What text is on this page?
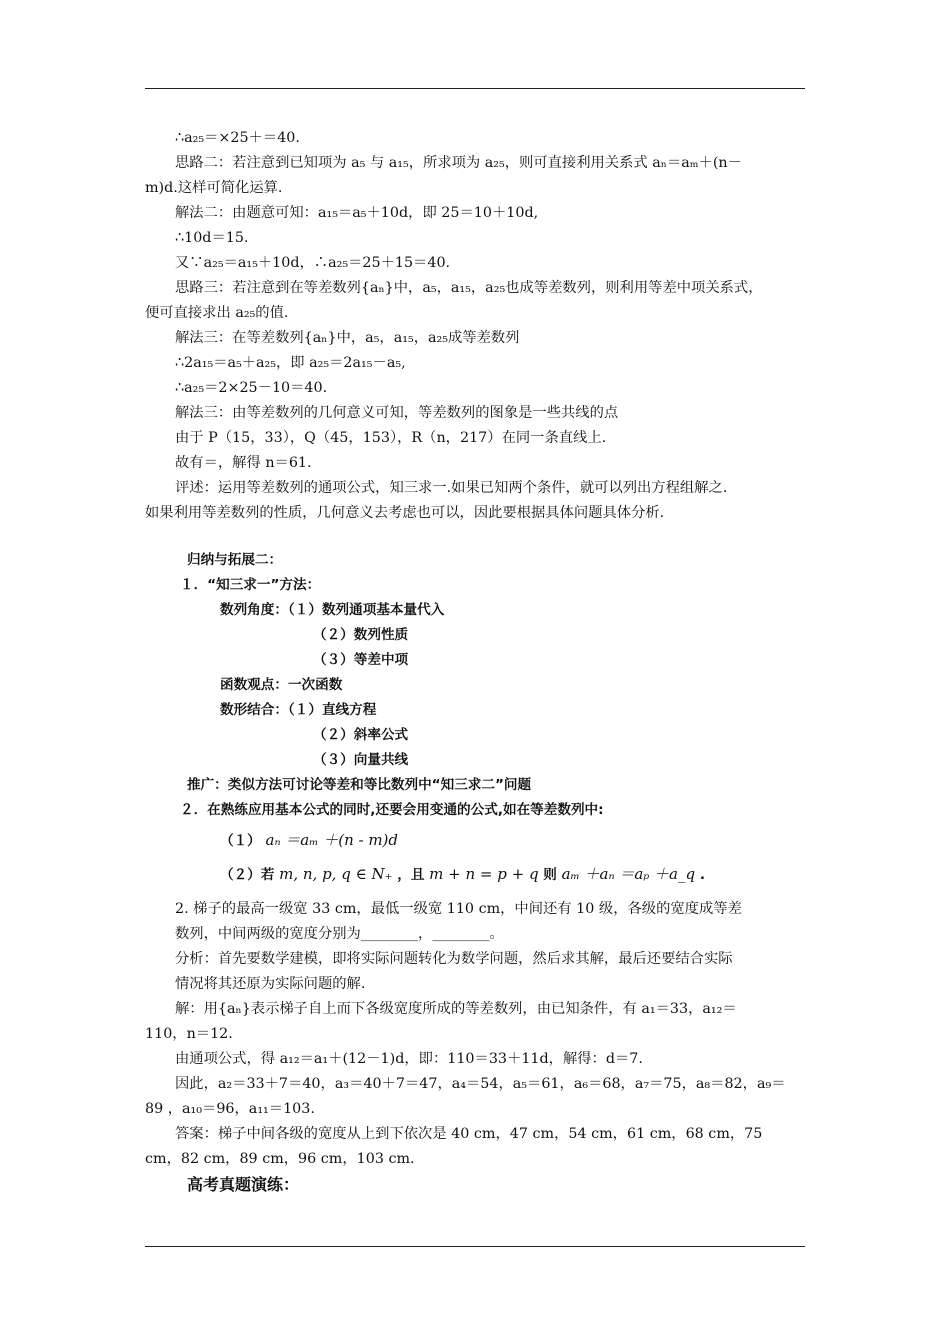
∴a₂₅＝×25＋＝40.
思路二：若注意到已知项为 a₅ 与 a₁₅，所求项为 a₂₅，则可直接利用关系式 aₙ＝aₘ＋(n－
m)d.这样可简化运算.
解法二：由题意可知：a₁₅＝a₅＋10d，即 25＝10＋10d,
∴10d＝15.
又∵a₂₅＝a₁₅＋10d，∴a₂₅＝25＋15＝40.
思路三：若注意到在等差数列{aₙ}中，a₅，a₁₅，a₂₅也成等差数列，则利用等差中项关系式，
便可直接求出 a₂₅的值.
解法三：在等差数列{aₙ}中，a₅，a₁₅，a₂₅成等差数列
∴2a₁₅＝a₅＋a₂₅，即 a₂₅＝2a₁₅－a₅,
∴a₂₅＝2×25－10＝40.
解法三：由等差数列的几何意义可知，等差数列的图象是一些共线的点
由于 P（15，33），Q（45，153），R（n，217）在同一条直线上.
故有＝，解得 n＝61.
评述：运用等差数列的通项公式，知三求一.如果已知两个条件，就可以列出方程组解之.
如果利用等差数列的性质，几何意义去考虑也可以，因此要根据具体问题具体分析.
归纳与拓展二：
１．“知三求一”方法：
数列角度：（１）数列通项基本量代入
（２）数列性质
（３）等差中项
函数观点：一次函数
数形结合：（１）直线方程
（２）斜率公式
（３）向量共线
推广：类似方法可讨论等差和等比数列中“知三求二”问题
２．在熟练应用基本公式的同时,还要会用变通的公式,如在等差数列中:
（１） aₙ ＝aₘ ＋(n - m)d
（２）若 m, n, p, q ∈ N₊ ，且 m + n = p + q 则 aₘ ＋aₙ ＝aₚ ＋a_q .
2. 梯子的最高一级宽 33 cm，最低一级宽 110 cm，中间还有 10 级，各级的宽度成等差
数列，中间两级的宽度分别为________，________。
分析：首先要数学建模，即将实际问题转化为数学问题，然后求其解，最后还要结合实际
情况将其还原为实际问题的解.
解：用{aₙ}表示梯子自上而下各级宽度所成的等差数列，由已知条件，有 a₁＝33，a₁₂＝
110，n＝12.
由通项公式，得 a₁₂＝a₁＋(12－1)d，即：110＝33＋11d，解得：d＝7.
因此，a₂＝33＋7＝40，a₃＝40＋7＝47，a₄＝54，a₅＝61，a₆＝68，a₇＝75，a₈＝82，a₉＝
89 ，a₁₀＝96，a₁₁＝103.
答案：梯子中间各级的宽度从上到下依次是 40 cm，47 cm，54 cm，61 cm，68 cm，75
cm，82 cm，89 cm，96 cm，103 cm.
高考真题演练：
